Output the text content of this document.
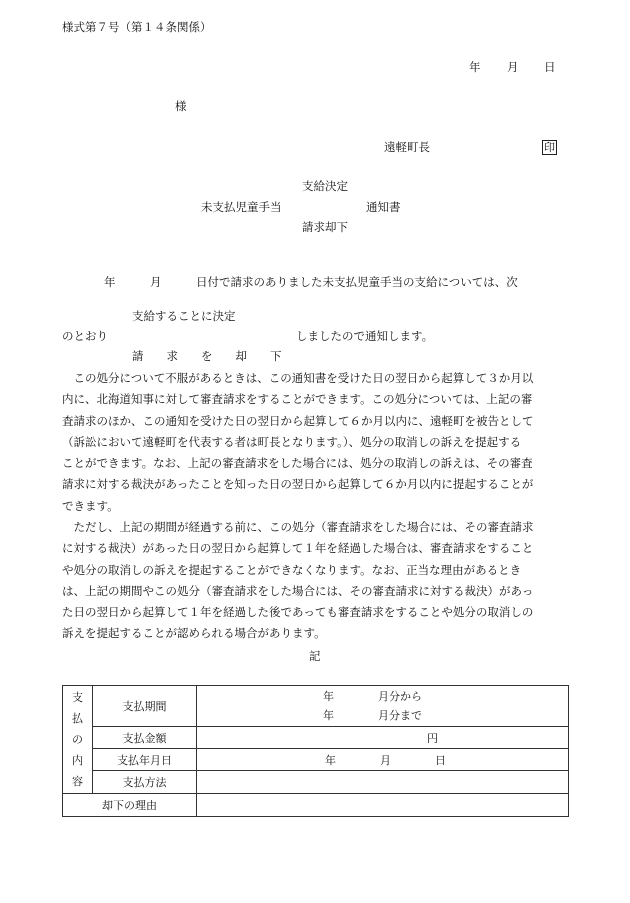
様式第７号（第１４条関係）
年 月 日
様
遠軽町長	印
支給決定
未支払児童手当	通知書
請求却下
年　　　月　　　日付で請求のありました未支払児童手当の支給については、次
支給することに決定
のとおり	しましたので通知します。
請　　求　　を　　却　　下
　この処分について不服があるときは、この通知書を受けた日の翌日から起算して３か月以
内に、北海道知事に対して審査請求をすることができます。この処分については、上記の審
査請求のほか、この通知を受けた日の翌日から起算して６か月以内に、遠軽町を被告として
（訴訟において遠軽町を代表する者は町長となります。）、処分の取消しの訴えを提起する
ことができます。なお、上記の審査請求をした場合には、処分の取消しの訴えは、その審査
請求に対する裁決があったことを知った日の翌日から起算して６か月以内に提起することが
できます。
　ただし、上記の期間が経過する前に、この処分（審査請求をした場合には、その審査請求
に対する裁決）があった日の翌日から起算して１年を経過した場合は、審査請求をすること
や処分の取消しの訴えを提起することができなくなります。なお、正当な理由があるとき
は、上記の期間やこの処分（審査請求をした場合には、その審査請求に対する裁決）があっ
た日の翌日から起算して１年を経過した後であっても審査請求をすることや処分の取消しの
訴えを提起することが認められる場合があります。
記
支
払
の
内
容	支払期間	年　　　　月分から
年　　　　月分まで

	支払金額	円
	支払年月日	年　　　　月　　　　日
	支払方法	
却下の理由		
